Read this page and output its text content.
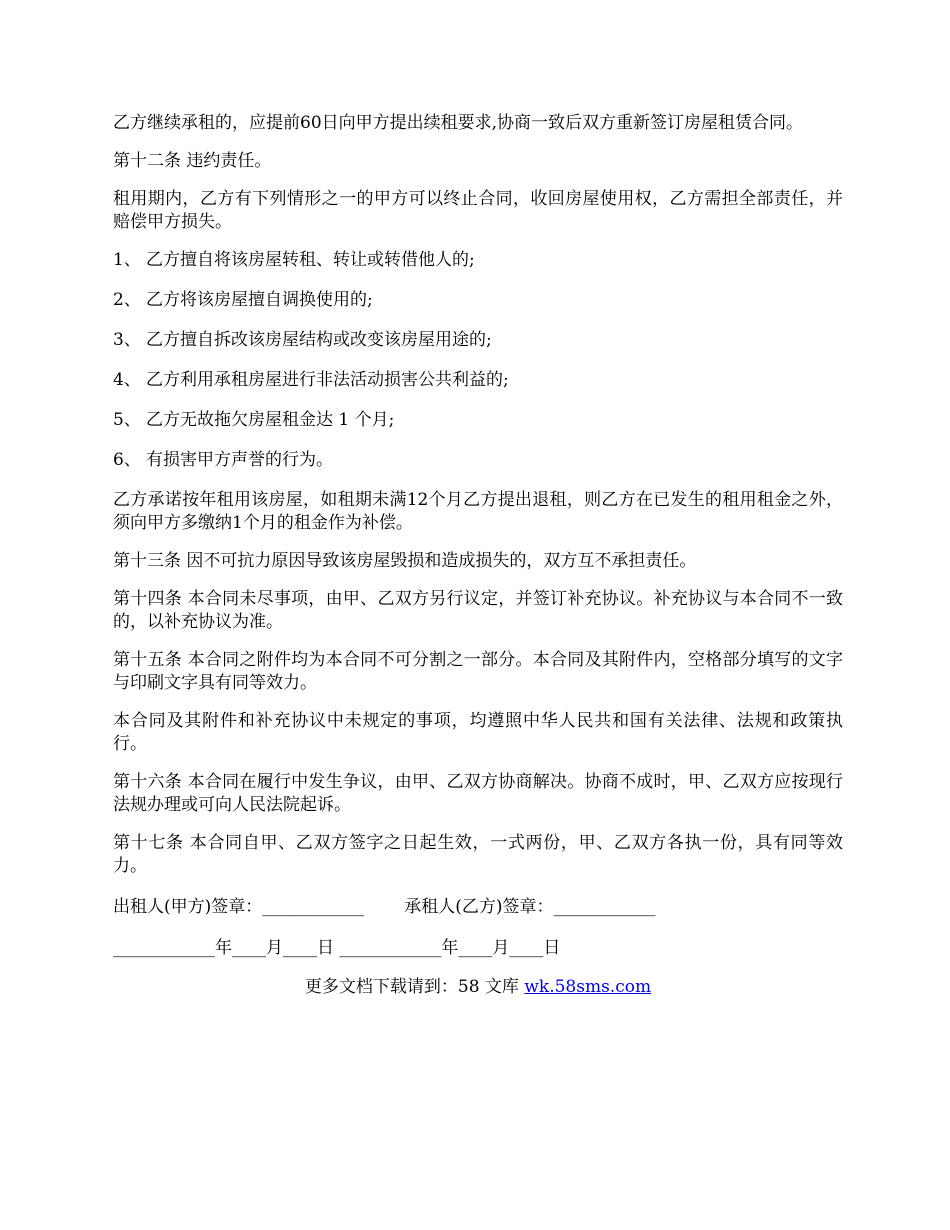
乙方继续承租的，应提前60日向甲方提出续租要求,协商一致后双方重新签订房屋租赁合同。

第十二条 违约责任。

租用期内，乙方有下列情形之一的甲方可以终止合同，收回房屋使用权，乙方需担全部责任，并赔偿甲方损失。

1、 乙方擅自将该房屋转租、转让或转借他人的;
2、 乙方将该房屋擅自调换使用的;
3、 乙方擅自拆改该房屋结构或改变该房屋用途的;
4、 乙方利用承租房屋进行非法活动损害公共利益的;
5、 乙方无故拖欠房屋租金达 1 个月;
6、 有损害甲方声誉的行为。

乙方承诺按年租用该房屋，如租期未满12个月乙方提出退租，则乙方在已发生的租用租金之外，须向甲方多缴纳1个月的租金作为补偿。

第十三条 因不可抗力原因导致该房屋毁损和造成损失的，双方互不承担责任。

第十四条 本合同未尽事项，由甲、乙双方另行议定，并签订补充协议。补充协议与本合同不一致的，以补充协议为准。

第十五条 本合同之附件均为本合同不可分割之一部分。本合同及其附件内，空格部分填写的文字与印刷文字具有同等效力。

本合同及其附件和补充协议中未规定的事项，均遵照中华人民共和国有关法律、法规和政策执行。

第十六条 本合同在履行中发生争议，由甲、乙双方协商解决。协商不成时，甲、乙双方应按现行法规办理或可向人民法院起诉。

第十七条 本合同自甲、乙双方签字之日起生效，一式两份，甲、乙双方各执一份，具有同等效力。

出租人(甲方)签章：____________ 承租人(乙方)签章：____________
____________年____月____日 ____________年____月____日
更多文档下载请到：58 文库 wk.58sms.com
